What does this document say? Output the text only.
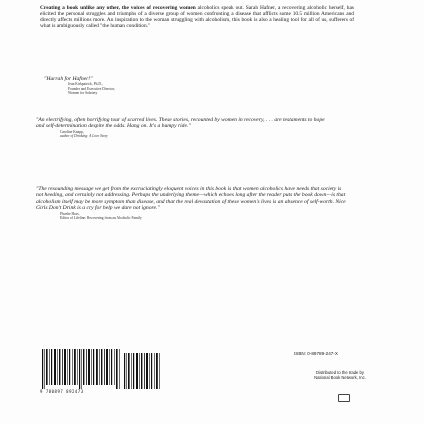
Creating a book unlike any other, the voices of recovering women alcoholics speak out. Sarah Hafner, a recovering alcoholic herself, has elicited the personal struggles and triumphs of a diverse group of women confronting a disease that afflicts some 10.5 million Americans and directly affects millions more. An inspiration to the woman struggling with alcoholism, this book is also a healing tool for all of us, sufferers of what is ambiguously called "the human condition."
"Hurrah for Hafner!"
Jean Kirkpatrick, Ph.D.,
Founder and Executive Director,
Women for Sobriety
"An electrifying, often horrifying tour of scarred lives. These stories, recounted by women in recovery, . . . are testaments to hope and self-determination despite the odds. Hang on. It's a bumpy ride."
Caroline Knapp,
author of Drinking: A Love Story
"The resounding message we get from the excruciatingly eloquent voices in this book is that women alcoholics have needs that society is not heeding, and certainly not addressing. Perhaps the underlying theme—which echoes long after the reader puts the book down—is that alcoholism itself may be more symptom than disease, and that the real devastation of these women's lives is an absence of self-worth. Nice Girls Don't Drink is a cry for help we dare not ignore."
Phoebe Hoss,
Editor of Lifeline: Recovering from an Alcoholic Family
9 780897 892473
ISBN: 0-89789-247-X
Distributed to the trade by
National Book Network, Inc.
